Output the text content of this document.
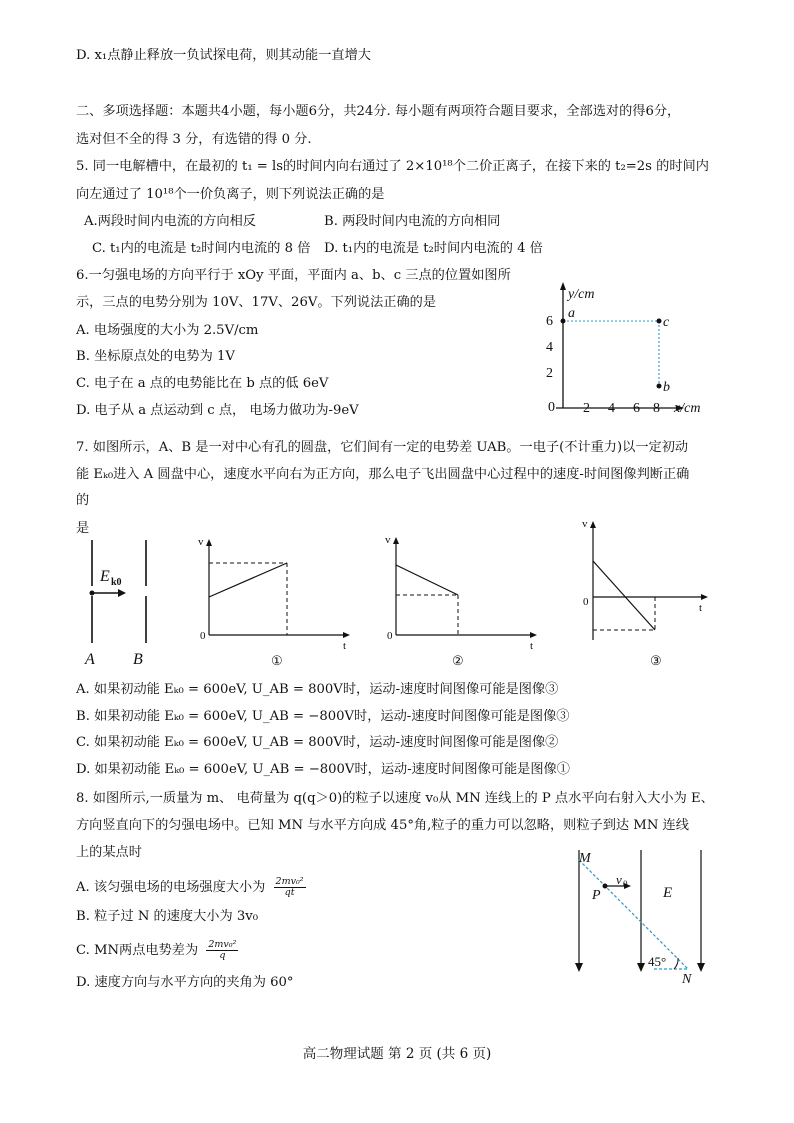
D. x₁点静止释放一负试探电荷，则其动能一直增大
二、多项选择题：本题共4小题，每小题6分，共24分. 每小题有两项符合题目要求，全部选对的得6分，
选对但不全的得 3 分，有选错的得 0 分.
5. 同一电解槽中，在最初的 t₁ = ls的时间内向右通过了 2×10¹⁸个二价正离子，在接下来的 t₂=2s 的时间内
向左通过了 10¹⁸个一价负离子，则下列说法正确的是
A.两段时间内电流的方向相反	B. 两段时间内电流的方向相同
C. t₁内的电流是 t₂时间内电流的 8 倍 D. t₁内的电流是 t₂时间内电流的 4 倍
6.一匀强电场的方向平行于 xOy 平面，平面内 a、b、c 三点的位置如图所
示，三点的电势分别为 10V、17V、26V。下列说法正确的是
A. 电场强度的大小为 2.5V/cm
B. 坐标原点处的电势为 1V
C. 电子在 a 点的电势能比在 b 点的低 6eV
D. 电子从 a 点运动到 c 点， 电场力做功为-9eV
y/cm
x/cm
0
2
4
6
2 4 6 8
a
c
b
7. 如图所示，A、B 是一对中心有孔的圆盘，它们间有一定的电势差 UAB。一电子(不计重力)以一定初动
能 Eₖ₀进入 A 圆盘中心，速度水平向右为正方向，那么电子飞出圆盘中心过程中的速度-时间图像判断正确
的
是
E k0
A B
v
t
0
①
v
t
0
②
v
t
0
③
A. 如果初动能 Eₖ₀ = 600eV, U_AB = 800V时，运动-速度时间图像可能是图像③
B. 如果初动能 Eₖ₀ = 600eV, U_AB = −800V时，运动-速度时间图像可能是图像③
C. 如果初动能 Eₖ₀ = 600eV, U_AB = 800V时，运动-速度时间图像可能是图像②
D. 如果初动能 Eₖ₀ = 600eV, U_AB = −800V时，运动-速度时间图像可能是图像①
8. 如图所示,一质量为 m、 电荷量为 q(q＞0)的粒子以速度 v₀从 MN 连线上的 P 点水平向右射入大小为 E、
方向竖直向下的匀强电场中。已知 MN 与水平方向成 45°角,粒子的重力可以忽略，则粒子到达 MN 连线
上的某点时
A. 该匀强电场的电场强度大小为 $\frac{\text{2mv₀²}}{qt}$
B. 粒子过 N 的速度大小为 3v₀
C. MN两点电势差为 $\frac{\text{2mv₀²}}{q}$
D. 速度方向与水平方向的夹角为 60°
M
P
v 0
E
45°
N
高二物理试题 第 2 页 (共 6 页)
